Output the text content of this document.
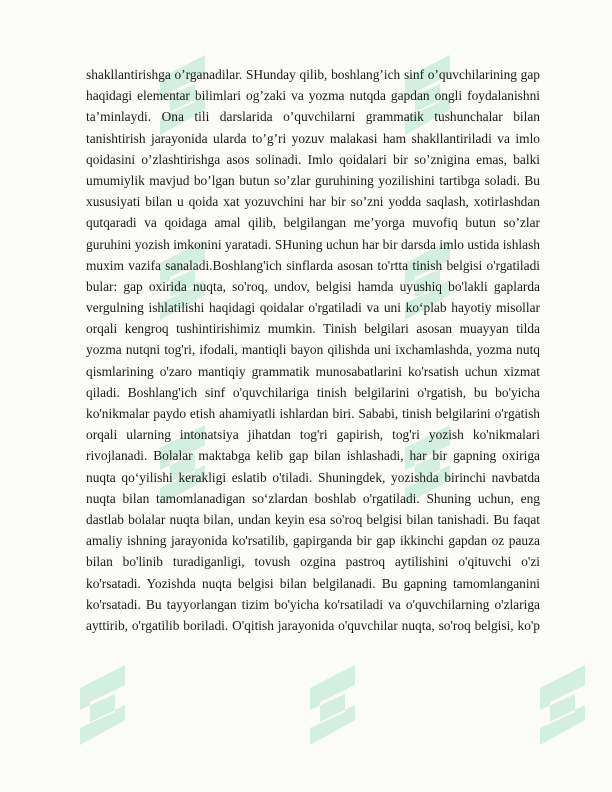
shakllantirishga o’rganadilar. SHunday qilib, boshlang’ich sinf o’quvchilarining gap
haqidagi elementar bilimlari og’zaki va yozma nutqda gapdan ongli foydalanishni
ta’minlaydi. Ona tili darslarida o’quvchilarni grammatik tushunchalar bilan
tanishtirish jarayonida ularda to’g’ri yozuv malakasi ham shakllantiriladi va imlo
qoidasini o’zlashtirishga asos solinadi. Imlo qoidalari bir so’znigina emas, balki
umumiylik mavjud bo’lgan butun so’zlar guruhining yozilishini tartibga soladi. Bu
xususiyati bilan u qoida xat yozuvchini har bir so’zni yodda saqlash, xotirlashdan
qutqaradi va qoidaga amal qilib, belgilangan me’yorga muvofiq butun so’zlar
guruhini yozish imkonini yaratadi. SHuning uchun har bir darsda imlo ustida ishlash
muxim vazifa sanaladi.Boshlang'ich sinflarda asosan to'rtta tinish belgisi o'rgatiladi
bular: gap oxirida nuqta, so'roq, undov, belgisi hamda uyushiq bo'lakli gaplarda
vergulning ishlatilishi haqidagi qoidalar o'rgatiladi va uni ko‘plab hayotiy misollar
orqali kengroq tushintirishimiz mumkin. Tinish belgilari asosan muayyan tilda
yozma nutqni tog'ri, ifodali, mantiqli bayon qilishda uni ixchamlashda, yozma nutq
qismlarining o'zaro mantiqiy grammatik munosabatlarini ko'rsatish uchun xizmat
qiladi. Boshlang'ich sinf o'quvchilariga tinish belgilarini o'rgatish, bu bo'yicha
ko'nikmalar paydo etish ahamiyatli ishlardan biri. Sababi, tinish belgilarini o'rgatish
orqali ularning intonatsiya jihatdan tog'ri gapirish, tog'ri yozish ko'nikmalari
rivojlanadi. Bolalar maktabga kelib gap bilan ishlashadi, har bir gapning oxiriga
nuqta qo‘yilishi kerakligi eslatib o'tiladi. Shuningdek, yozishda birinchi navbatda
nuqta bilan tamomlanadigan so‘zlardan boshlab o'rgatiladi. Shuning uchun, eng
dastlab bolalar nuqta bilan, undan keyin esa so'roq belgisi bilan tanishadi. Bu faqat
amaliy ishning jarayonida ko'rsatilib, gapirganda bir gap ikkinchi gapdan oz pauza
bilan bo'linib turadiganligi, tovush ozgina pastroq aytilishini o'qituvchi o'zi
ko'rsatadi. Yozishda nuqta belgisi bilan belgilanadi. Bu gapning tamomlanganini
ko'rsatadi. Bu tayyorlangan tizim bo'yicha ko'rsatiladi va o'quvchilarning o'zlariga
ayttirib, o'rgatilib boriladi. O'qitish jarayonida o'quvchilar nuqta, so'roq belgisi, ko'p
